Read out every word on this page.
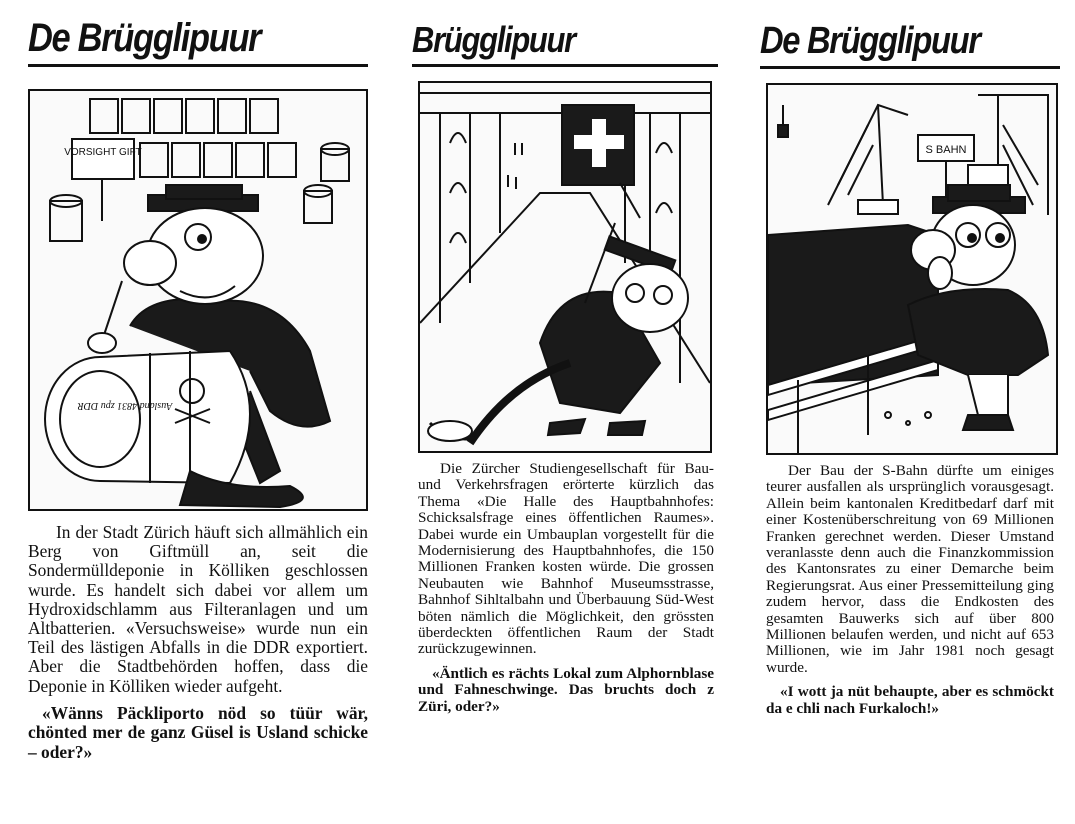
De Brügglipuur
VORSIGHT GIFT
Ausland 4831 zpu DDR

In der Stadt Zürich häuft sich allmählich ein Berg von Giftmüll an, seit die Sondermülldeponie in Kölliken geschlossen wurde. Es handelt sich dabei vor allem um Hydroxidschlamm aus Filteranlagen und um Altbatterien. «Versuchsweise» wurde nun ein Teil des lästigen Abfalls in die DDR exportiert. Aber die Stadtbehörden hoffen, dass die Deponie in Kölliken wieder aufgeht.

«Wänns Päckliporto nöd so tüür wär, chönted mer de ganz Güsel is Usland schicke – oder?»

Brügglipuur

Die Zürcher Studiengesellschaft für Bau- und Verkehrsfragen erörterte kürzlich das Thema «Die Halle des Hauptbahnhofes: Schicksalsfrage eines öffentlichen Raumes». Dabei wurde ein Umbauplan vorgestellt für die Modernisierung des Hauptbahnhofes, die 150 Millionen Franken kosten würde. Die grossen Neubauten wie Bahnhof Museumsstrasse, Bahnhof Sihltalbahn und Überbauung Süd-West böten nämlich die Möglichkeit, den grössten überdeckten öffentlichen Raum der Stadt zurückzugewinnen.

«Äntlich es rächts Lokal zum Alphornblase und Fahneschwinge. Das bruchts doch z Züri, oder?»

De Brügglipuur
S BAHN

Der Bau der S-Bahn dürfte um einiges teurer ausfallen als ursprünglich vorausgesagt. Allein beim kantonalen Kreditbedarf darf mit einer Kostenüberschreitung von 69 Millionen Franken gerechnet werden. Dieser Umstand veranlasste denn auch die Finanzkommission des Kantonsrates zu einer Demarche beim Regierungsrat. Aus einer Pressemitteilung ging zudem hervor, dass die Endkosten des gesamten Bauwerks sich auf über 800 Millionen belaufen werden, und nicht auf 653 Millionen, wie im Jahr 1981 noch gesagt wurde.

«I wott ja nüt behaupte, aber es schmöckt da e chli nach Furkaloch!»
